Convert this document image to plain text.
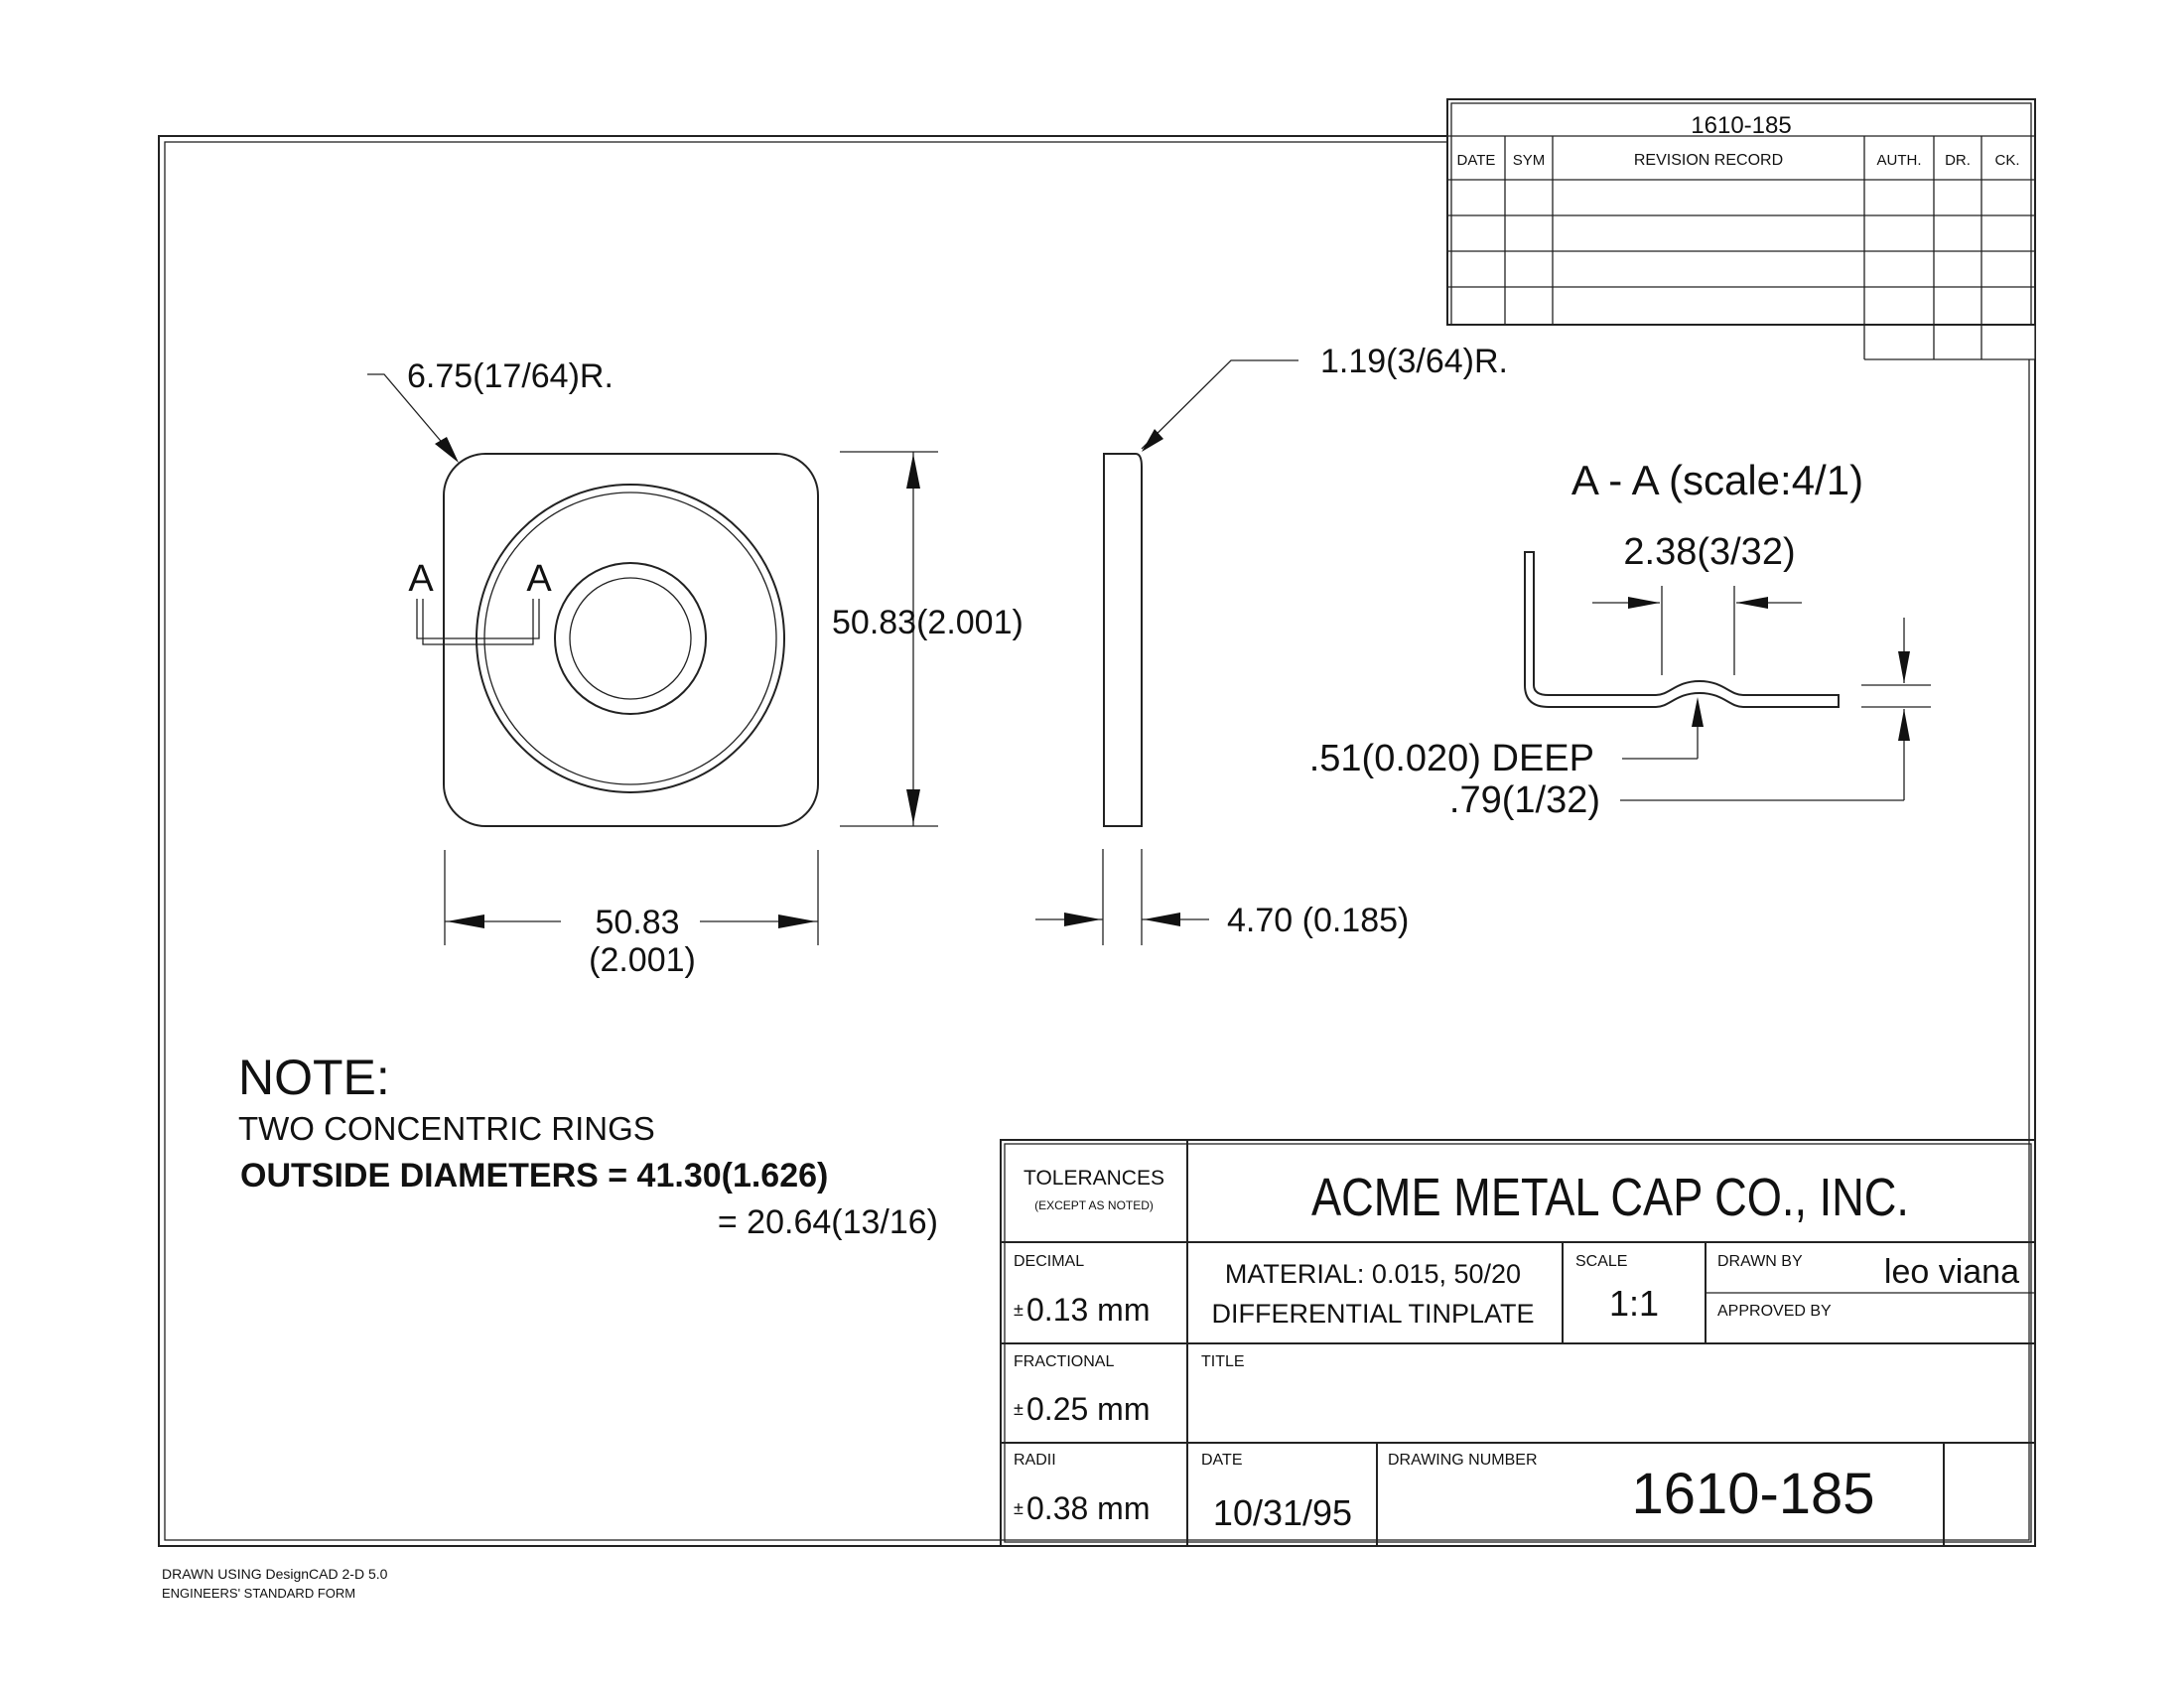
1610-185
DATE SYM	REVISION RECORD	AUTH. DR. CK.
A A
6.75(17/64)R.
50.83(2.001)
50.83
(2.001)
1.19(3/64)R.
4.70 (0.185)
A - A (scale:4/1)
2.38(3/32)
.79(1/32)
.51(0.020) DEEP
NOTE:
TWO CONCENTRIC RINGS
OUTSIDE DIAMETERS = 41.30(1.626)
= 20.64(13/16)
TOLERANCES
(EXCEPT AS NOTED)	ACME METAL CAP CO., INC.
DECIMAL
± 0.13 mm
MATERIAL: 0.015, 50/20
DIFFERENTIAL TINPLATE
SCALE
1:1
DRAWN BY leo viana
APPROVED BY
FRACTIONAL
± 0.25 mm
TITLE
RADII
± 0.38 mm
DATE
10/31/95
DRAWING NUMBER
1610-185
DRAWN USING DesignCAD 2-D 5.0
ENGINEERS' STANDARD FORM
